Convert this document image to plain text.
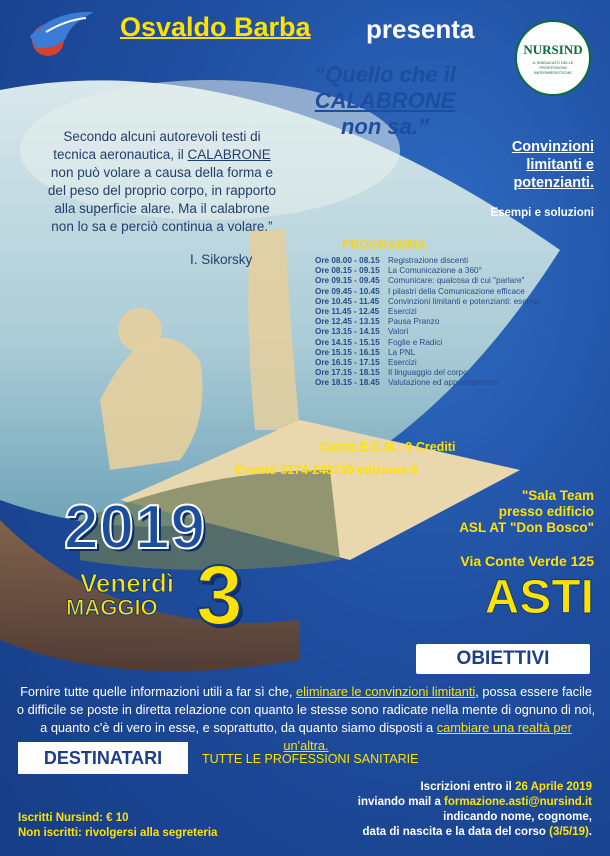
NURSIND
IL SINDACATO DELLE PROFESSIONI INFERMIERISTICHE
Osvaldo Barba presenta
“Quello che il
CALABRONE
non sa.”
Secondo alcuni autorevoli testi di tecnica aeronautica, il CALABRONE non può volare a causa della forma e del peso del proprio corpo, in rapporto alla superficie alare. Ma il calabrone non lo sa e perciò continua a volare.”
I. Sikorsky
Convinzioni
limitanti e
potenzianti.
Esempi e soluzioni
PROGRAMMA
Ore 08.00 - 08.15	Registrazione discenti
Ore 08.15 - 09.15	La Comunicazione a 360°
Ore 09.15 - 09.45	Comunicare: qualcosa di cui "parlare"
Ore 09.45 - 10.45	I pilastri della Comunicazione efficace
Ore 10.45 - 11.45	Convinzioni limitanti e potenzianti: esempi
Ore 11.45 - 12.45	Esercizi
Ore 12.45 - 13.15	Pausa Pranzo
Ore 13.15 - 14.15	Valori
Ore 14.15 - 15.15	Foglie e Radici
Ore 15.15 - 16.15	La PNL
Ore 16.15 - 17.15	Esercizi
Ore 17.15 - 18.15	Il linguaggio del corpo
Ore 18.15 - 18.45	Valutazione ed apprendimento
Corso E.C.M.: 9 Crediti
Evento 3174-248739 edizione 8
2019
Venerdì
MAGGIO 3
"Sala Team
presso edificio
ASL AT "Don Bosco"
Via Conte Verde 125
ASTI
OBIETTIVI
Fornire tutte quelle informazioni utili a far sì che, eliminare le convinzioni limitanti, possa essere facile o difficile se poste in diretta relazione con quanto le stesse sono radicate nella mente di ognuno di noi, a quanto c'è di vero in esse, e soprattutto, da quanto siamo disposti a cambiare una realtà per un'altra.
DESTINATARI	TUTTE LE PROFESSIONI SANITARIE
Iscrizioni entro il 26 Aprile 2019
inviando mail a formazione.asti@nursind.it
indicando nome, cognome,
data di nascita e la data del corso (3/5/19).
Iscritti Nursind: € 10
Non iscritti: rivolgersi alla segreteria
